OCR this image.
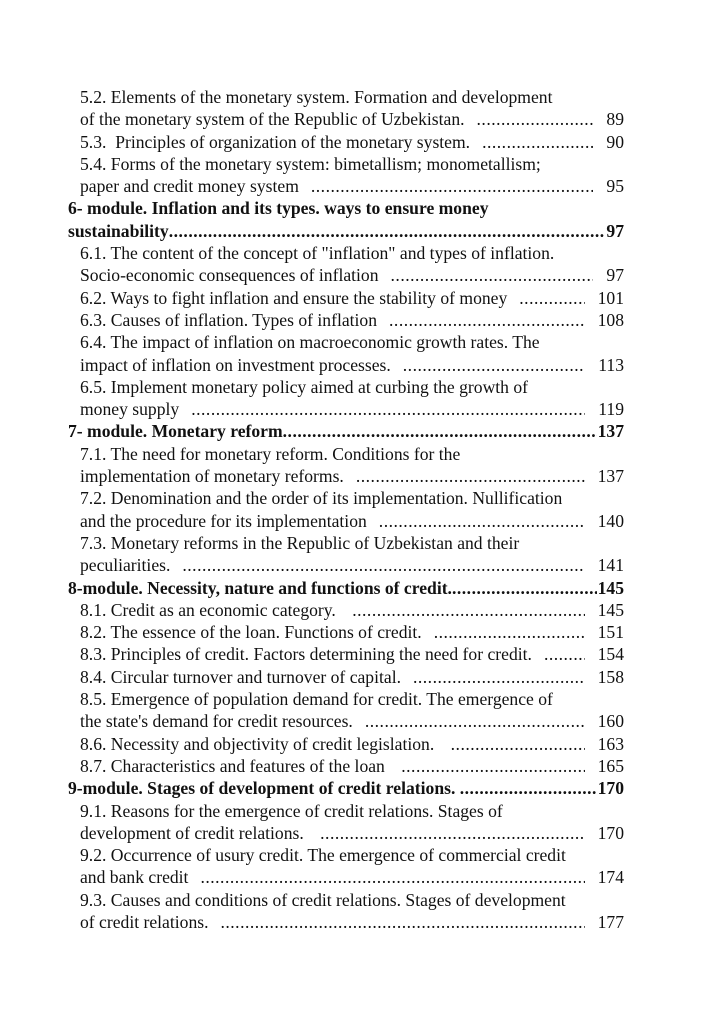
5.2. Elements of the monetary system. Formation and development
of the monetary system of the Republic of Uzbekistan. .....	89

5.3.  Principles of organization of the monetary system. .....	90

5.4. Forms of the monetary system: bimetallism; monometallism;
paper and credit money system .....	95

6- module. Inflation and its types. ways to ensure money
sustainability .....	97

6.1. The content of the concept of "inflation" and types of inflation.
Socio-economic consequences of inflation .....	97

6.2. Ways to fight inflation and ensure the stability of money .....	101

6.3. Causes of inflation. Types of inflation .....	108

6.4. The impact of inflation on macroeconomic growth rates. The
impact of inflation on investment processes. .....	113

6.5. Implement monetary policy aimed at curbing the growth of
money supply .....	119

7- module. Monetary reform .....	137

7.1. The need for monetary reform. Conditions for the
implementation of monetary reforms. .....	137

7.2. Denomination and the order of its implementation. Nullification
and the procedure for its implementation .....	140

7.3. Monetary reforms in the Republic of Uzbekistan and their
peculiarities. .....	141

8-module. Necessity, nature and functions of credit. .....	145

8.1. Credit as an economic category. .....	145

8.2. The essence of the loan. Functions of credit. .....	151

8.3. Principles of credit. Factors determining the need for credit. .....	154

8.4. Circular turnover and turnover of capital. .....	158

8.5. Emergence of population demand for credit. The emergence of
the state's demand for credit resources. .....	160

8.6. Necessity and objectivity of credit legislation. .....	163

8.7. Characteristics and features of the loan .....	165

9-module. Stages of development of credit relations. .....	170

9.1. Reasons for the emergence of credit relations. Stages of
development of credit relations. .....	170

9.2. Occurrence of usury credit. The emergence of commercial credit
and bank credit .....	174

9.3. Causes and conditions of credit relations. Stages of development
of credit relations. .....	177
